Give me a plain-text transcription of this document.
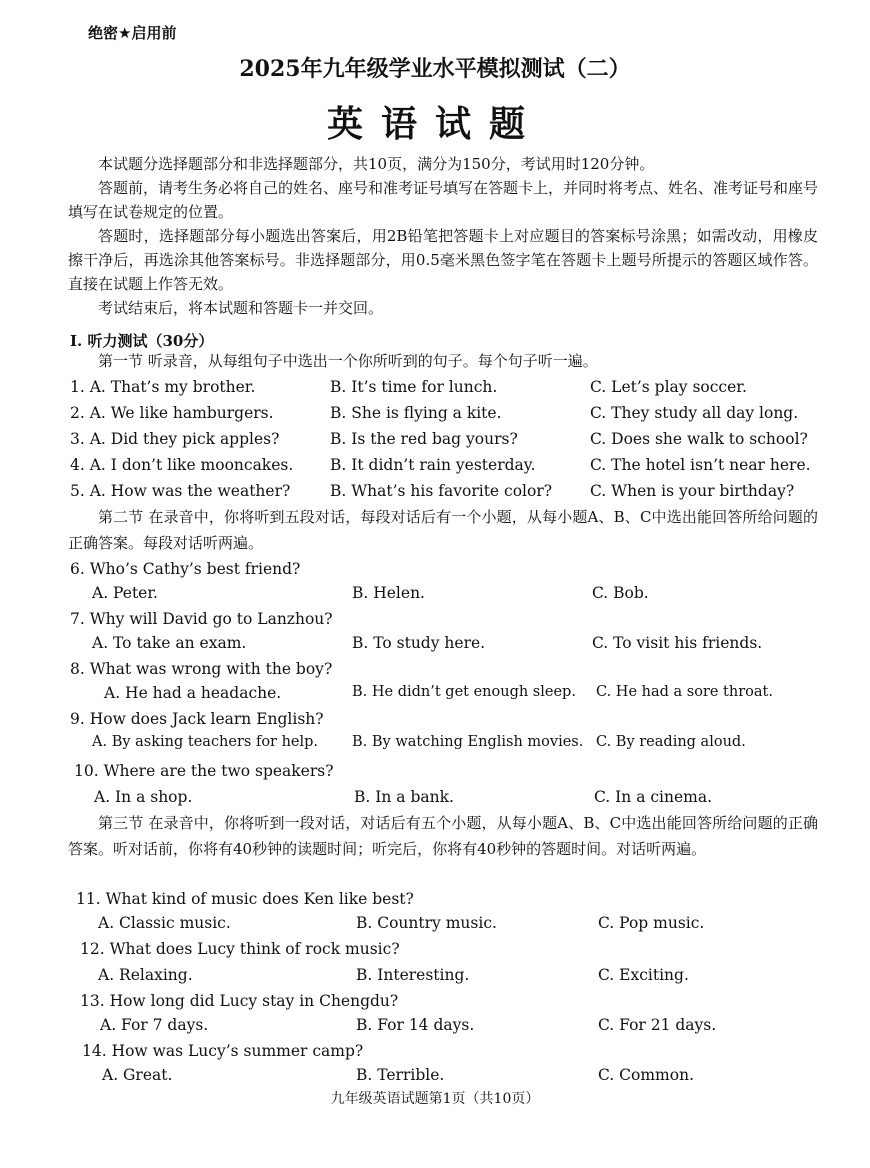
绝密★启用前
2025年九年级学业水平模拟测试（二）
英语试题

本试题分选择题部分和非选择题部分，共10页，满分为150分，考试用时120分钟。

答题前，请考生务必将自己的姓名、座号和准考证号填写在答题卡上，并同时将考点、姓名、准考证号和座号填写在试卷规定的位置。

答题时，选择题部分每小题选出答案后，用2B铅笔把答题卡上对应题目的答案标号涂黑；如需改动，用橡皮擦干净后，再选涂其他答案标号。非选择题部分，用0.5毫米黑色签字笔在答题卡上题号所提示的答题区域作答。直接在试题上作答无效。

考试结束后，将本试题和答题卡一并交回。

Ⅰ. 听力测试（30分）
第一节 听录音，从每组句子中选出一个你所听到的句子。每个句子听一遍。
1. A. That’s my brother.	B. It’s time for lunch.	C. Let’s play soccer.
2. A. We like hamburgers.	B. She is flying a kite.	C. They study all day long.
3. A. Did they pick apples?	B. Is the red bag yours?	C. Does she walk to school?
4. A. I don’t like mooncakes. B. It didn’t rain yesterday.	C. The hotel isn’t near here.
5. A. How was the weather?	B. What’s his favorite color? C. When is your birthday?
第二节 在录音中，你将听到五段对话，每段对话后有一个小题，从每小题A、B、C中选出能回答所给问题的正确答案。每段对话听两遍。
6. Who’s Cathy’s best friend?
A. Peter.	B. Helen.	C. Bob.
7. Why will David go to Lanzhou?
A. To take an exam.	B. To study here.	C. To visit his friends.
8. What was wrong with the boy?
A. He had a headache.	B. He didn’t get enough sleep. C. He had a sore throat.
9. How does Jack learn English?
A. By asking teachers for help. B. By watching English movies. C. By reading aloud.
10. Where are the two speakers?
A. In a shop.	B. In a bank.	C. In a cinema.
第三节 在录音中，你将听到一段对话，对话后有五个小题，从每小题A、B、C中选出能回答所给问题的正确答案。听对话前，你将有40秒钟的读题时间；听完后，你将有40秒钟的答题时间。对话听两遍。
11. What kind of music does Ken like best?
A. Classic music.	B. Country music.	C. Pop music.
12. What does Lucy think of rock music?
A. Relaxing.	B. Interesting.	C. Exciting.
13. How long did Lucy stay in Chengdu?
A. For 7 days.	B. For 14 days.	C. For 21 days.
14. How was Lucy’s summer camp?
A. Great.	B. Terrible.	C. Common.
九年级英语试题第1页（共10页）
